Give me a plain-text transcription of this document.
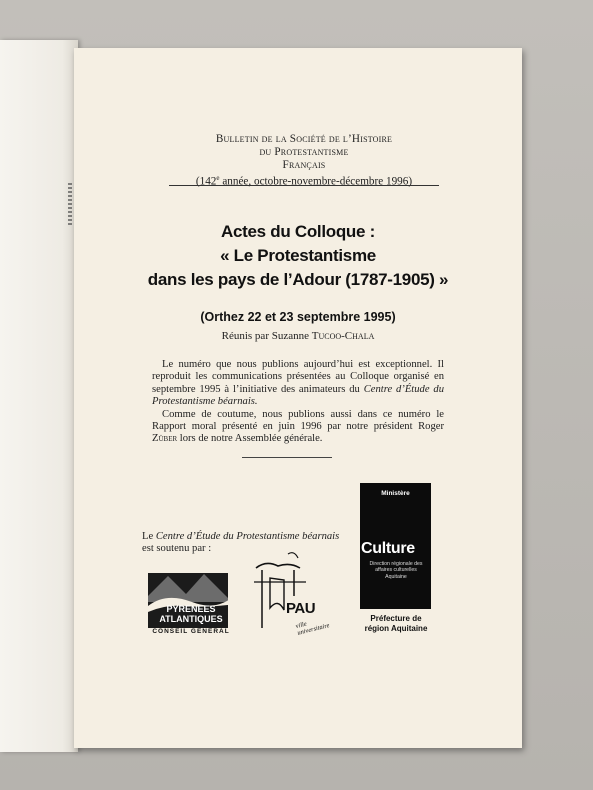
Bulletin de la Société de l’Histoire
du Protestantisme
Français
(142e année, octobre-novembre-décembre 1996)
Actes du Colloque :
« Le Protestantisme
dans les pays de l’Adour (1787-1905) »
(Orthez 22 et 23 septembre 1995)
Réunis par Suzanne Tucoo-Chala

Le numéro que nous publions aujourd’hui est exceptionnel. Il reproduit les communications présentées au Colloque organisé en septembre 1995 à l’initiative des animateurs du Centre d’Étude du Protestantisme béarnais.

Comme de coutume, nous publions aussi dans ce numéro le Rapport moral présenté en juin 1996 par notre président Roger Züber lors de notre Assemblée générale.

Le Centre d’Étude du Protestantisme béarnais
est soutenu par :
PYRENEES
ATLANTIQUES
CONSEIL GENERAL
PAU
ville universitaire
Ministère
Culture
Direction régionale des affaires culturelles Aquitaine
Préfecture de
région Aquitaine
